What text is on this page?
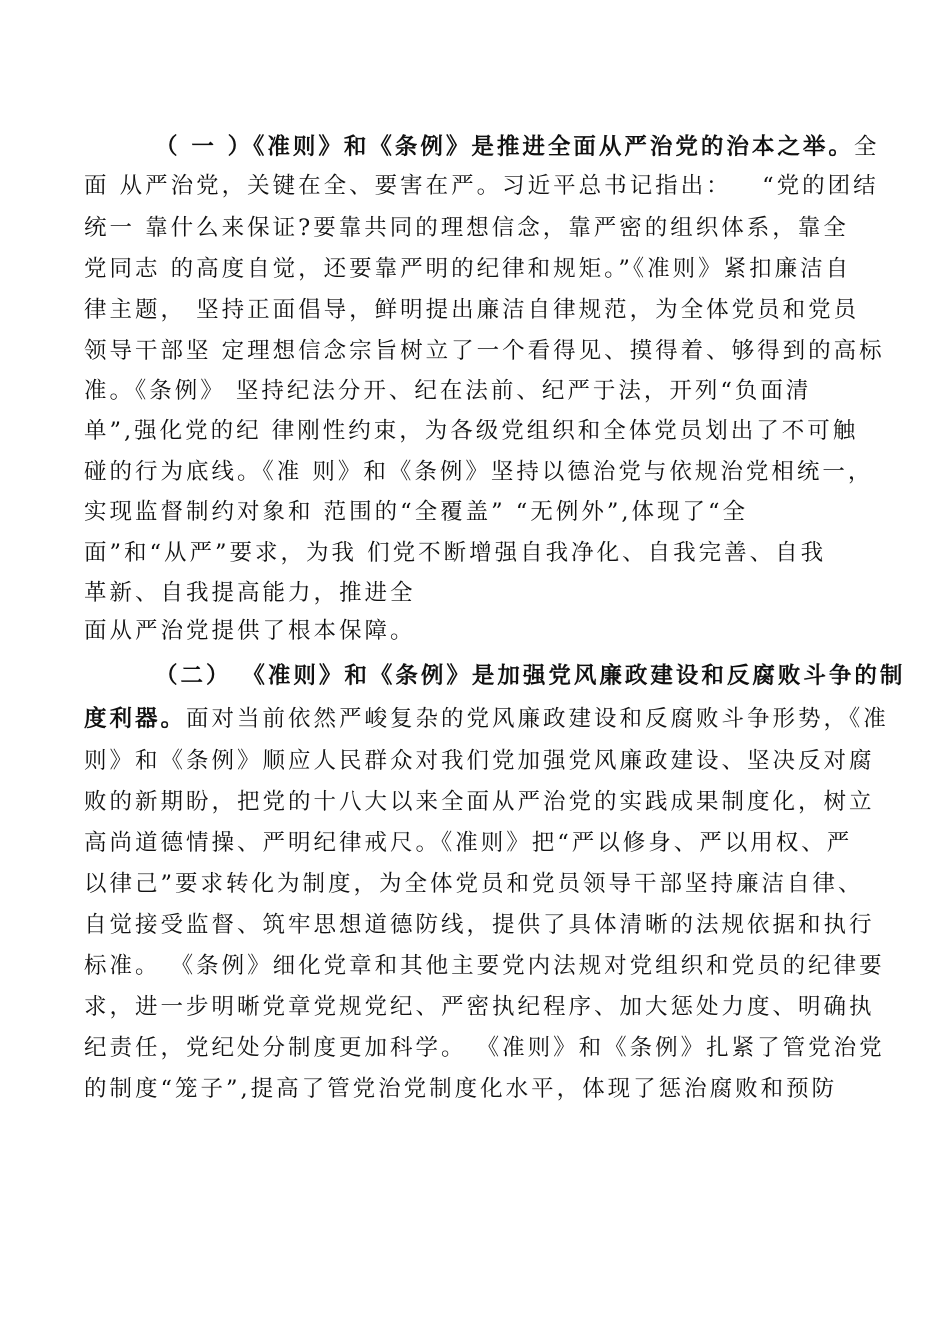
（ 一 ）《准则》和《条例》是推进全面从严治党的治本之举。全
面 从严治党，关键在全、要害在严。习近平总书记指出：   “党的团结
统一 靠什么来保证?要靠共同的理想信念，靠严密的组织体系，靠全
党同志 的高度自觉，还要靠严明的纪律和规矩。”《准则》紧扣廉洁自
律主题， 坚持正面倡导，鲜明提出廉洁自律规范，为全体党员和党员
领导干部坚 定理想信念宗旨树立了一个看得见、摸得着、够得到的高标
准。《条例》 坚持纪法分开、纪在法前、纪严于法，开列“负面清
单”,强化党的纪 律刚性约束，为各级党组织和全体党员划出了不可触
碰的行为底线。《准 则》和《条例》坚持以德治党与依规治党相统一，
实现监督制约对象和 范围的“全覆盖” “无例外”,体现了“全
面”和“从严”要求，为我 们党不断增强自我净化、自我完善、自我
革新、自我提高能力，推进全
面从严治党提供了根本保障。
（二） 《准则》和《条例》是加强党风廉政建设和反腐败斗争的制
度利器。面对当前依然严峻复杂的党风廉政建设和反腐败斗争形势，《准
则》和《条例》顺应人民群众对我们党加强党风廉政建设、坚决反对腐
败的新期盼，把党的十八大以来全面从严治党的实践成果制度化，树立
高尚道德情操、严明纪律戒尺。《准则》把“严以修身、严以用权、严
以律己”要求转化为制度，为全体党员和党员领导干部坚持廉洁自律、
自觉接受监督、筑牢思想道德防线，提供了具体清晰的法规依据和执行
标准。 《条例》细化党章和其他主要党内法规对党组织和党员的纪律要
求，进一步明晰党章党规党纪、严密执纪程序、加大惩处力度、明确执
纪责任，党纪处分制度更加科学。 《准则》和《条例》扎紧了管党治党
的制度“笼子”,提高了管党治党制度化水平，体现了惩治腐败和预防
